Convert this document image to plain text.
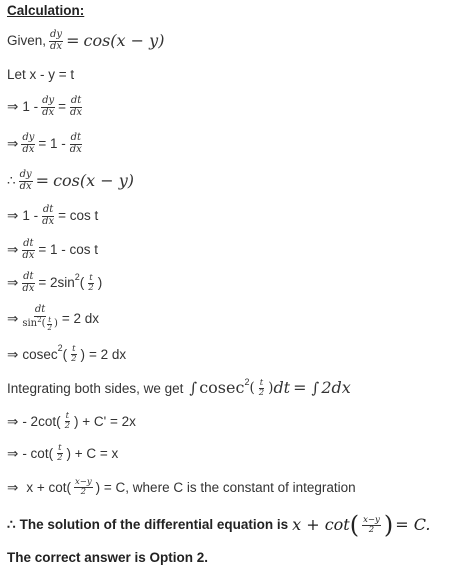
Calculation:
Given, $\frac{dy}{dx} = \cos(x - y)$
Let x - y = t
⇒ $1 - \frac{dy}{dx} = \frac{dt}{dx}$
⇒ $\frac{dy}{dx} = 1 - \frac{dt}{dx}$
∴ $\frac{dy}{dx} = \cos(x - y)$
⇒ $1 - \frac{dt}{dx} = \cos t$
⇒ $\frac{dt}{dx} = 1 - \cos t$
⇒ $\frac{dt}{dx} = 2\sin$ 2 ( $\frac{t}{2}$ )
⇒
dt
sin 2 ( $\frac{t}{2}$ ) = 2 dx
⇒ cosec 2 ( $\frac{t}{2}$ ) = 2 dx
Integrating both sides, we get ∫ cosec 2 ( $\frac{t}{2}$ ) dt = ∫ 2dx
⇒ - $2\cot( \frac{t}{2}$ ) + C' = 2x
⇒ - $\cot( \frac{t}{2}$ ) + C = x
⇒ $x + \cot( \frac{x-y}{2}$ ) = C, where C is the constant of integration
∴ The solution of the differential equation is x + cot ( $\frac{x-y}{2}$ ) = C.
The correct answer is Option 2.
